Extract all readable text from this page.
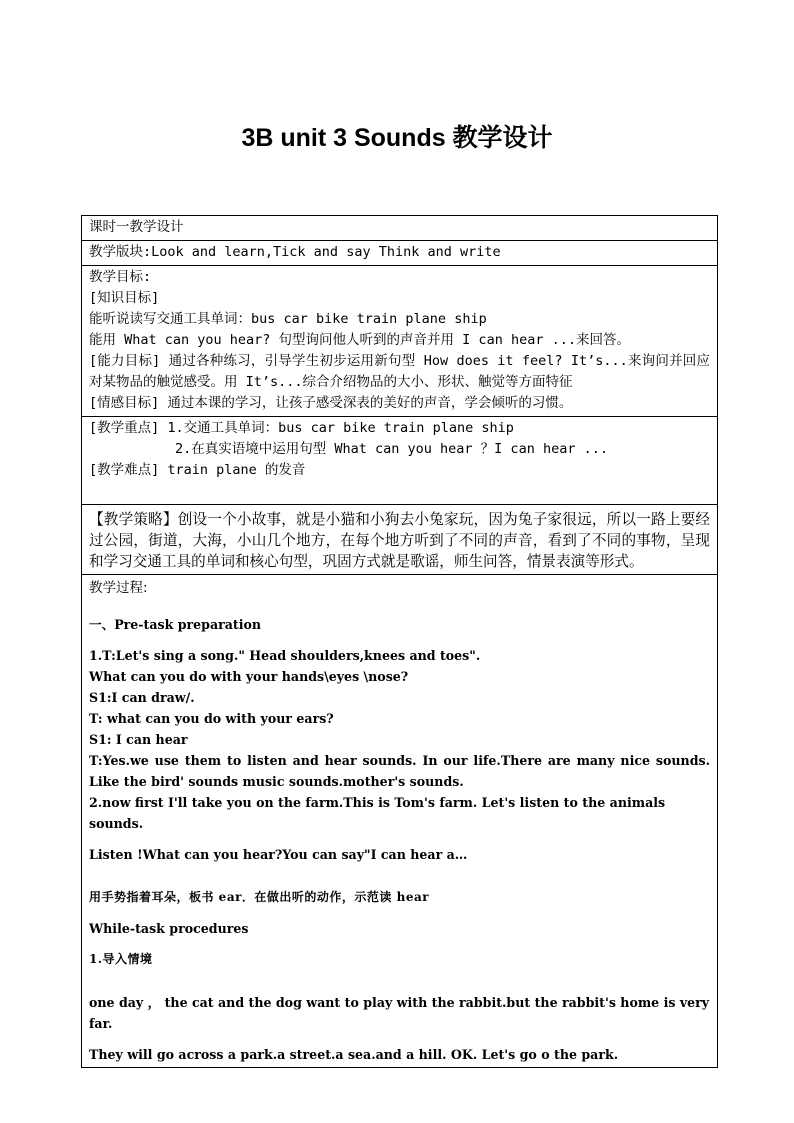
3B unit 3 Sounds 教学设计
课时一教学设计

教学版块:Look and learn,Tick and say Think and write

教学目标:
[知识目标]
能听说读写交通工具单词：bus car bike train plane ship
能用 What can you hear? 句型询问他人听到的声音并用 I can hear ...来回答。
[能力目标] 通过各种练习，引导学生初步运用新句型 How does it feel? It’s...来询问并回应对某物品的触觉感受。用 It’s...综合介绍物品的大小、形状、触觉等方面特征
[情感目标] 通过本课的学习，让孩子感受深表的美好的声音，学会倾听的习惯。

[教学重点] 1.交通工具单词：bus car bike train plane ship
2.在真实语境中运用句型 What can you hear ？I can hear ...
[教学难点] train plane 的发音

【教学策略】创设一个小故事，就是小猫和小狗去小兔家玩，因为兔子家很远，所以一路上要经过公园，街道，大海，小山几个地方，在每个地方听到了不同的声音，看到了不同的事物，呈现和学习交通工具的单词和核心句型，巩固方式就是歌谣，师生问答，情景表演等形式。

教学过程:
一、Pre-task preparation
1.T:Let's sing a song." Head shoulders,knees and toes".
What can you do with your hands\eyes \nose?
S1:I can draw/.
T: what can you do with your ears?
S1: I can hear
T:Yes.we use them to listen and hear sounds. In our life.There are many nice sounds. Like the bird' sounds music sounds.mother's sounds.
2.now first I'll take you on the farm.This is Tom's farm. Let's listen to the animals sounds.
Listen !What can you hear?You can say"I can hear a…
用手势指着耳朵，板书 ear．在做出听的动作，示范读 hear
While-task procedures
1.导入情境
one day ， the cat and the dog want to play with the rabbit.but the rabbit's home is very far.
They will go across a park.a street.a sea.and a hill. OK. Let's go o the park.
